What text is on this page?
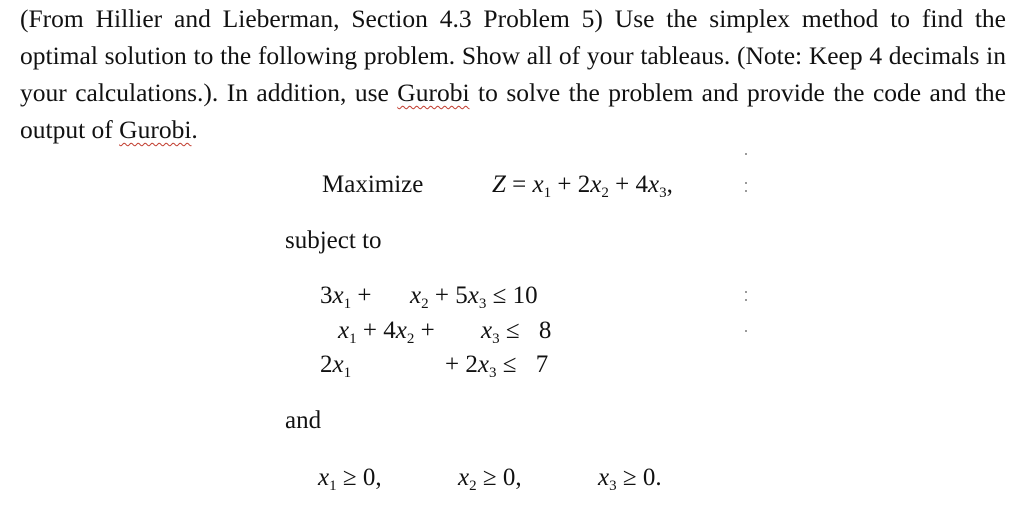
(From Hillier and Lieberman, Section 4.3 Problem 5) Use the simplex method to find the optimal solution to the following problem. Show all of your tableaus. (Note: Keep 4 decimals in your calculations.). In addition, use Gurobi to solve the problem and provide the code and the output of Gurobi.

Maximize	$Z = x_1 + 2x_2 + 4x_3$,
subject to
$3x_1 + x_2 + 5x_3 \le 10$
$x_1 + 4x_2 + x_3 \le 8$
$2x_1$	+ $2x_3 \le 7$
and
$x_1 \ge 0$,	$x_2 \ge 0$,	$x_3 \ge 0$.
